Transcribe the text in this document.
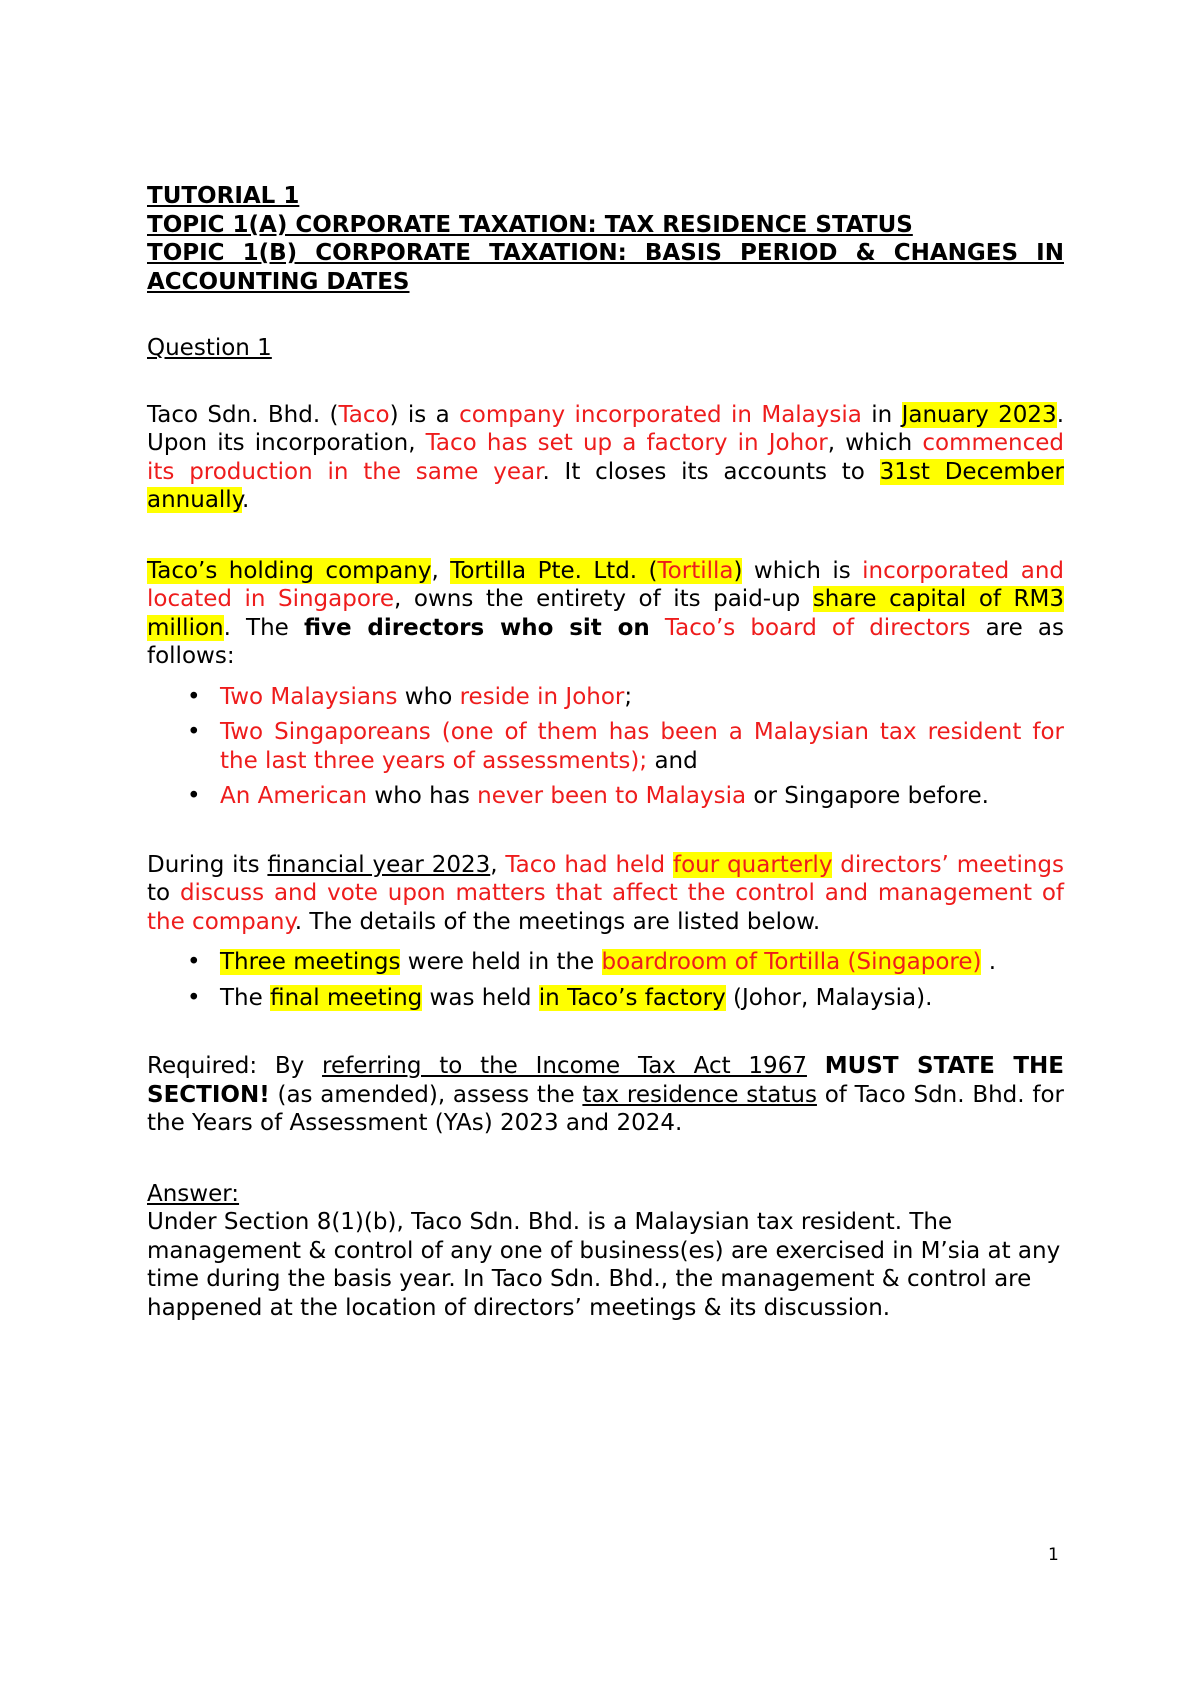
TUTORIAL 1

TOPIC 1(A) CORPORATE TAXATION: TAX RESIDENCE STATUS

TOPIC 1(B) CORPORATE TAXATION: BASIS PERIOD & CHANGES IN ACCOUNTING DATES

Question 1

Taco Sdn. Bhd. (Taco) is a company incorporated in Malaysia in January 2023. Upon its incorporation, Taco has set up a factory in Johor, which commenced its production in the same year. It closes its accounts to 31st December annually.

Taco’s holding company, Tortilla Pte. Ltd. (Tortilla) which is incorporated and located in Singapore, owns the entirety of its paid-up share capital of RM3 million. The five directors who sit on Taco’s board of directors are as follows:

• Two Malaysians who reside in Johor;
• Two Singaporeans (one of them has been a Malaysian tax resident for the last three years of assessments); and
• An American who has never been to Malaysia or Singapore before.

During its financial year 2023, Taco had held four quarterly directors’ meetings to discuss and vote upon matters that affect the control and management of the company. The details of the meetings are listed below.

• Three meetings were held in the boardroom of Tortilla (Singapore) .
• The final meeting was held in Taco’s factory (Johor, Malaysia).

Required: By referring to the Income Tax Act 1967 MUST STATE THE SECTION! (as amended), assess the tax residence status of Taco Sdn. Bhd. for the Years of Assessment (YAs) 2023 and 2024.

Answer:

Under Section 8(1)(b), Taco Sdn. Bhd. is a Malaysian tax resident. The management & control of any one of business(es) are exercised in M’sia at any time during the basis year. In Taco Sdn. Bhd., the management & control are happened at the location of directors’ meetings & its discussion.

1
